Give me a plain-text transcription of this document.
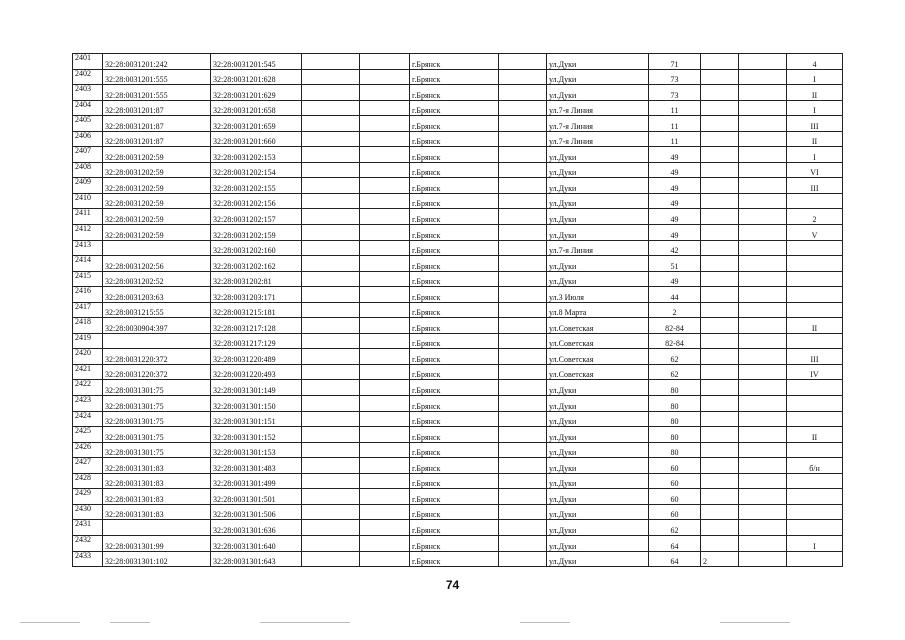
2401	32:28:0031201:242	32:28:0031201:545			г.Брянск		ул.Дуки	71			4
2402	32:28:0031201:555	32:28:0031201:628			г.Брянск		ул.Дуки	73			I
2403	32:28:0031201:555	32:28:0031201:629			г.Брянск		ул.Дуки	73			II
2404	32:28:0031201:87	32:28:0031201:658			г.Брянск		ул.7-я Линия	11			I
2405	32:28:0031201:87	32:28:0031201:659			г.Брянск		ул.7-я Линия	11			III
2406	32:28:0031201:87	32:28:0031201:660			г.Брянск		ул.7-я Линия	11			II
2407	32:28:0031202:59	32:28:0031202:153			г.Брянск		ул.Дуки	49			I
2408	32:28:0031202:59	32:28:0031202:154			г.Брянск		ул.Дуки	49			VI
2409	32:28:0031202:59	32:28:0031202:155			г.Брянск		ул.Дуки	49			III
2410	32:28:0031202:59	32:28:0031202:156			г.Брянск		ул.Дуки	49			
2411	32:28:0031202:59	32:28:0031202:157			г.Брянск		ул.Дуки	49			2
2412	32:28:0031202:59	32:28:0031202:159			г.Брянск		ул.Дуки	49			V
2413		32:28:0031202:160			г.Брянск		ул.7-я Линия	42			
2414	32:28:0031202:56	32:28:0031202:162			г.Брянск		ул.Дуки	51			
2415	32:28:0031202:52	32:28:0031202:81			г.Брянск		ул.Дуки	49			
2416	32:28:0031203:63	32:28:0031203:171			г.Брянск		ул.3 Июля	44			
2417	32:28:0031215:55	32:28:0031215:181			г.Брянск		ул.8 Марта	2			
2418	32:28:0030904:397	32:28:0031217:128			г.Брянск		ул.Советская	82-84			II
2419		32:28:0031217:129			г.Брянск		ул.Советская	82-84			
2420	32:28:0031220:372	32:28:0031220:489			г.Брянск		ул.Советская	62			III
2421	32:28:0031220:372	32:28:0031220:493			г.Брянск		ул.Советская	62			IV
2422	32:28:0031301:75	32:28:0031301:149			г.Брянск		ул.Дуки	80			
2423	32:28:0031301:75	32:28:0031301:150			г.Брянск		ул.Дуки	80			
2424	32:28:0031301:75	32:28:0031301:151			г.Брянск		ул.Дуки	80			
2425	32:28:0031301:75	32:28:0031301:152			г.Брянск		ул.Дуки	80			II
2426	32:28:0031301:75	32:28:0031301:153			г.Брянск		ул.Дуки	80			
2427	32:28:0031301:83	32:28:0031301:483			г.Брянск		ул.Дуки	60			б/н
2428	32:28:0031301:83	32:28:0031301:499			г.Брянск		ул.Дуки	60			
2429	32:28:0031301:83	32:28:0031301:501			г.Брянск		ул.Дуки	60			
2430	32:28:0031301:83	32:28:0031301:506			г.Брянск		ул.Дуки	60			
2431		32:28:0031301:636			г.Брянск		ул.Дуки	62			
2432	32:28:0031301:99	32:28:0031301:640			г.Брянск		ул.Дуки	64			I
2433	32:28:0031301:102	32:28:0031301:643			г.Брянск		ул.Дуки	64	2		
74
